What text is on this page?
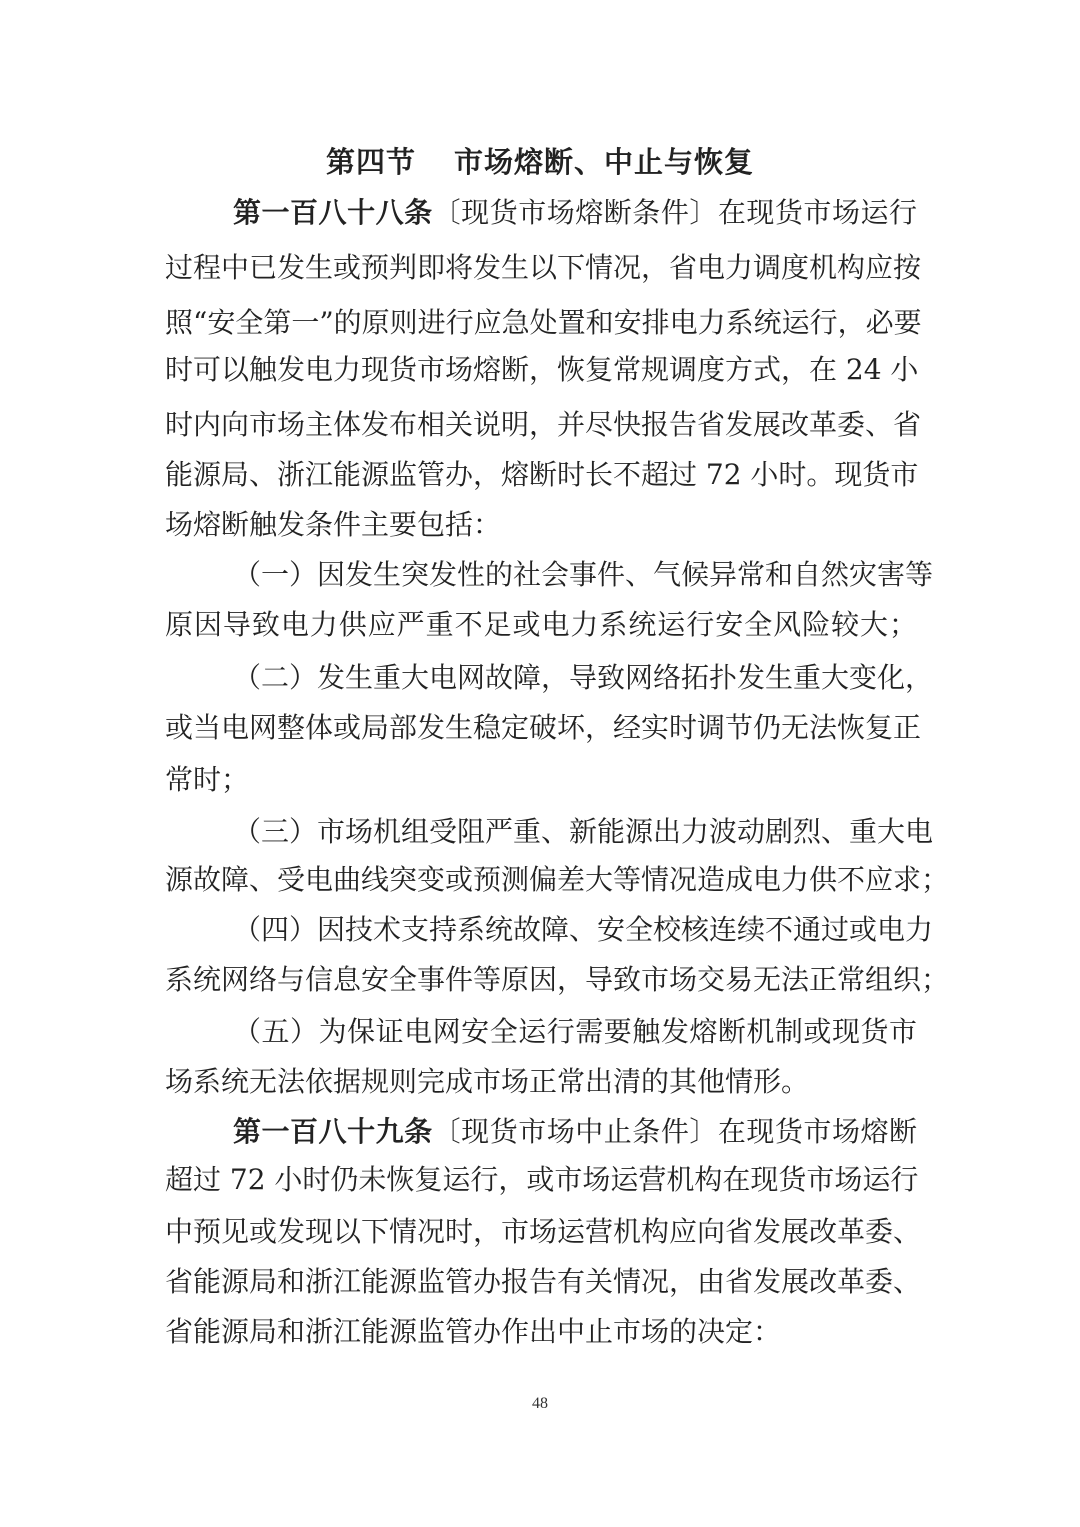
第四节 市场熔断、中止与恢复
第一百八十八条〔现货市场熔断条件〕在现货市场运行
过程中已发生或预判即将发生以下情况，省电力调度机构应按
照“安全第一”的原则进行应急处置和安排电力系统运行，必要
时可以触发电力现货市场熔断，恢复常规调度方式，在 24 小
时内向市场主体发布相关说明，并尽快报告省发展改革委、省
能源局、浙江能源监管办，熔断时长不超过 72 小时。现货市
场熔断触发条件主要包括：
（一）因发生突发性的社会事件、气候异常和自然灾害等
原因导致电力供应严重不足或电力系统运行安全风险较大；
（二）发生重大电网故障，导致网络拓扑发生重大变化，
或当电网整体或局部发生稳定破坏，经实时调节仍无法恢复正
常时；
（三）市场机组受阻严重、新能源出力波动剧烈、重大电
源故障、受电曲线突变或预测偏差大等情况造成电力供不应求；
（四）因技术支持系统故障、安全校核连续不通过或电力
系统网络与信息安全事件等原因，导致市场交易无法正常组织；
（五）为保证电网安全运行需要触发熔断机制或现货市
场系统无法依据规则完成市场正常出清的其他情形。
第一百八十九条〔现货市场中止条件〕在现货市场熔断
超过 72 小时仍未恢复运行，或市场运营机构在现货市场运行
中预见或发现以下情况时，市场运营机构应向省发展改革委、
省能源局和浙江能源监管办报告有关情况，由省发展改革委、
省能源局和浙江能源监管办作出中止市场的决定：
48
